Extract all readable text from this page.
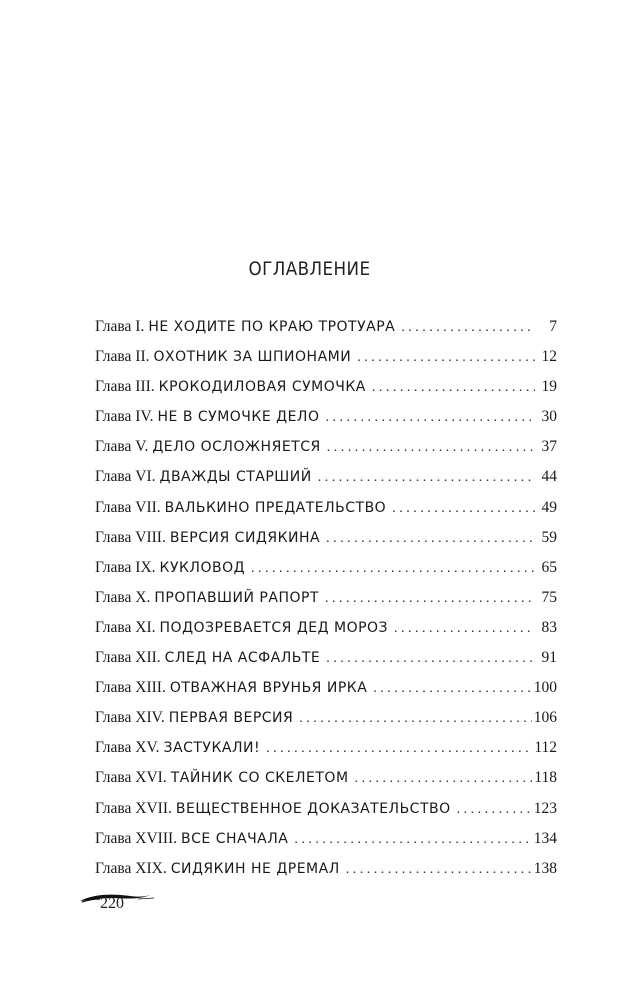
ОГЛАВЛЕНИЕ
Глава I. НЕ ХОДИТЕ ПО КРАЮ ТРОТУАРА . . .	7
Глава II. ОХОТНИК ЗА ШПИОНАМИ . . .	12
Глава III. КРОКОДИЛОВАЯ СУМОЧКА . . .	19
Глава IV. НЕ В СУМОЧКЕ ДЕЛО . . .	30
Глава V. ДЕЛО ОСЛОЖНЯЕТСЯ . . .	37
Глава VI. ДВАЖДЫ СТАРШИЙ . . .	44
Глава VII. ВАЛЬКИНО ПРЕДАТЕЛЬСТВО . . .	49
Глава VIII. ВЕРСИЯ СИДЯКИНА . . .	59
Глава IX. КУКЛОВОД . . .	65
Глава X. ПРОПАВШИЙ РАПОРТ . . .	75
Глава XI. ПОДОЗРЕВАЕТСЯ ДЕД МОРОЗ . . .	83
Глава XII. СЛЕД НА АСФАЛЬТЕ . . .	91
Глава XIII. ОТВАЖНАЯ ВРУНЬЯ ИРКА . . .	100
Глава XIV. ПЕРВАЯ ВЕРСИЯ . . .	106
Глава XV. ЗАСТУКАЛИ! . . .	112
Глава XVI. ТАЙНИК СО СКЕЛЕТОМ . . .	118
Глава XVII. ВЕЩЕСТВЕННОЕ ДОКАЗАТЕЛЬСТВО . . .	123
Глава XVIII. ВСЕ СНАЧАЛА . . .	134
Глава XIX. СИДЯКИН НЕ ДРЕМАЛ . . .	138
220
